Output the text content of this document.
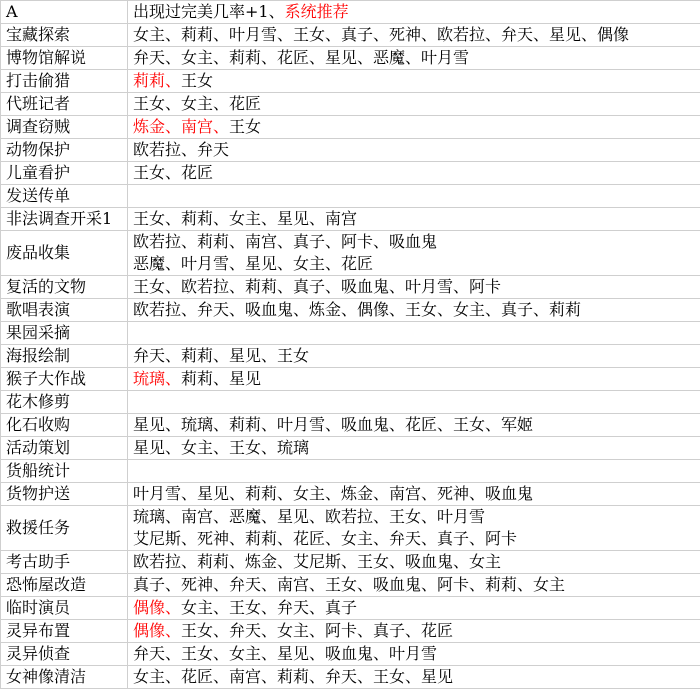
A	出现过完美几率+1、系统推荐
宝藏探索	女主、莉莉、叶月雪、王女、真子、死神、欧若拉、弁天、星见、偶像

博物馆解说	弁天、女主、莉莉、花匠、星见、恶魔、叶月雪

打击偷猎	莉莉、王女

代班记者	王女、女主、花匠

调查窃贼	炼金、南宫、王女

动物保护	欧若拉、弁天

儿童看护	王女、花匠

发送传单	

非法调查开采1	王女、莉莉、女主、星见、南宫

废品收集	欧若拉、莉莉、南宫、真子、阿卡、吸血鬼
恶魔、叶月雪、星见、女主、花匠

复活的文物	王女、欧若拉、莉莉、真子、吸血鬼、叶月雪、阿卡

歌唱表演	欧若拉、弁天、吸血鬼、炼金、偶像、王女、女主、真子、莉莉

果园采摘	

海报绘制	弁天、莉莉、星见、王女

猴子大作战	琉璃、莉莉、星见

花木修剪	

化石收购	星见、琉璃、莉莉、叶月雪、吸血鬼、花匠、王女、军姬

活动策划	星见、女主、王女、琉璃

货船统计	

货物护送	叶月雪、星见、莉莉、女主、炼金、南宫、死神、吸血鬼

救援任务	琉璃、南宫、恶魔、星见、欧若拉、王女、叶月雪
艾尼斯、死神、莉莉、花匠、女主、弁天、真子、阿卡

考古助手	欧若拉、莉莉、炼金、艾尼斯、王女、吸血鬼、女主

恐怖屋改造	真子、死神、弁天、南宫、王女、吸血鬼、阿卡、莉莉、女主

临时演员	偶像、女主、王女、弁天、真子

灵异布置	偶像、王女、弁天、女主、阿卡、真子、花匠

灵异侦查	弁天、王女、女主、星见、吸血鬼、叶月雪

女神像清洁	女主、花匠、南宫、莉莉、弁天、王女、星见
